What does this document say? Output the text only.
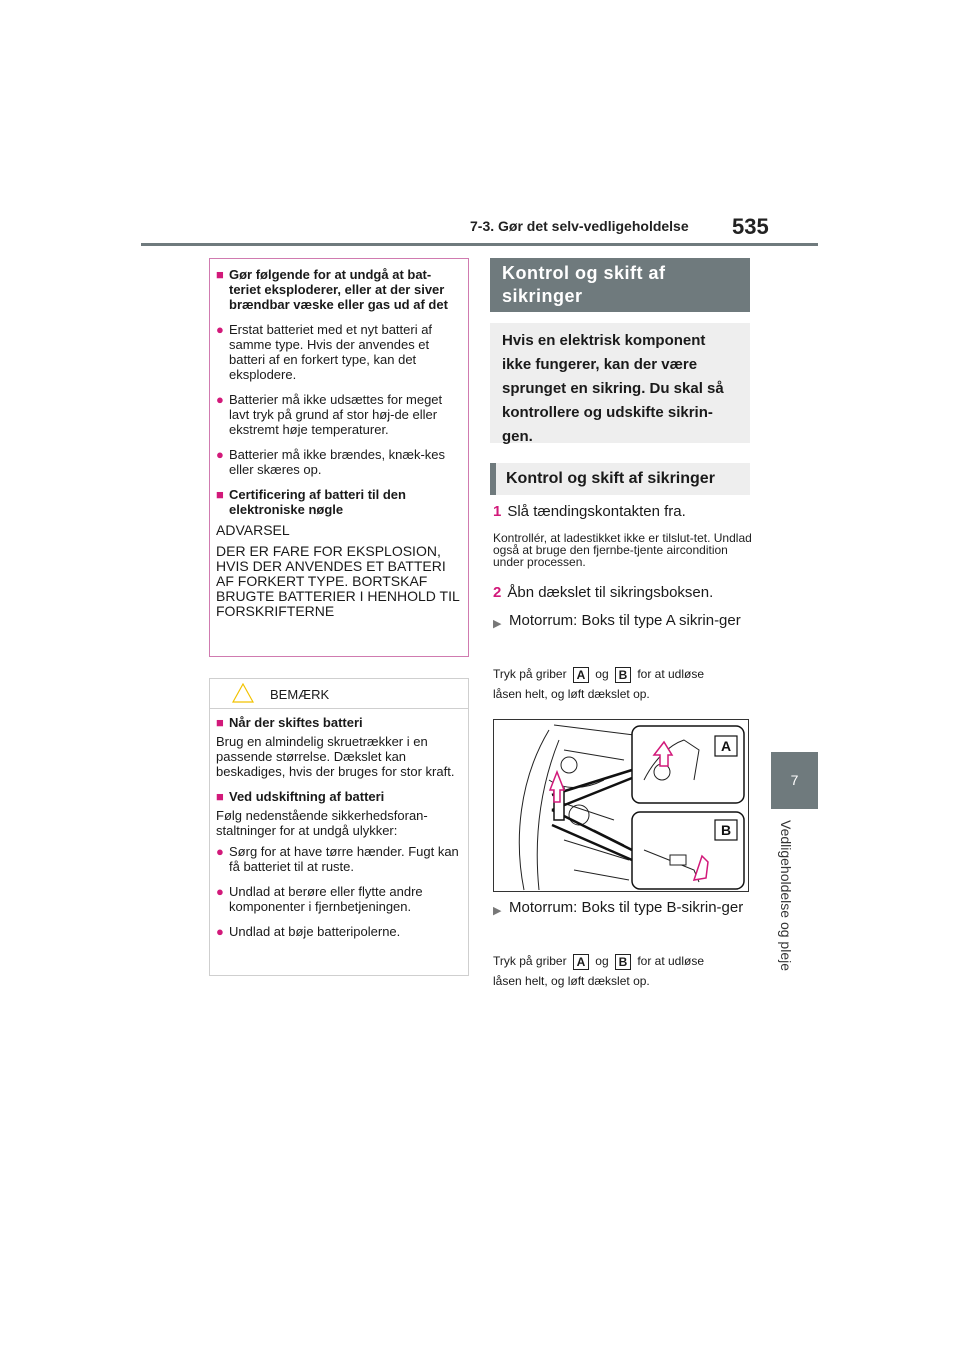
7-3. Gør det selv-vedligeholdelse 535
7
Vedligeholdelse og pleje
■ Gør følgende for at undgå at bat-teriet eksploderer, eller at der siver brændbar væske eller gas ud af det
● Erstat batteriet med et nyt batteri af samme type. Hvis der anvendes et batteri af en forkert type, kan det eksplodere.
● Batterier må ikke udsættes for meget lavt tryk på grund af stor høj-de eller ekstremt høje temperaturer.
● Batterier må ikke brændes, knæk-kes eller skæres op.
■ Certificering af batteri til den elektroniske nøgle

ADVARSEL

DER ER FARE FOR EKSPLOSION, HVIS DER ANVENDES ET BATTERI AF FORKERT TYPE. BORTSKAF BRUGTE BATTERIER I HENHOLD TIL FORSKRIFTERNE

BEMÆRK
■ Når der skiftes batteri

Brug en almindelig skruetrækker i en passende størrelse. Dækslet kan beskadiges, hvis der bruges for stor kraft.

■ Ved udskiftning af batteri

Følg nedenstående sikkerhedsforan-staltninger for at undgå ulykker:

● Sørg for at have tørre hænder. Fugt kan få batteriet til at ruste.
● Undlad at berøre eller flytte andre komponenter i fjernbetjeningen.
● Undlad at bøje batteripolerne.
Kontrol og skift af sikringer
Hvis en elektrisk komponent ikke fungerer, kan der være sprunget en sikring. Du skal så kontrollere og udskifte sikrin-gen.
Kontrol og skift af sikringer
1 Slå tændingskontakten fra.
Kontrollér, at ladestikket ikke er tilslut-tet. Undlad også at bruge den fjernbe-tjente aircondition under processen.
2 Åbn dækslet til sikringsboksen.
▶ Motorrum: Boks til type A sikrin-ger
Tryk på griber A og B for at udløse
låsen helt, og løft dækslet op.
A
B
▶ Motorrum: Boks til type B-sikrin-ger
Tryk på griber A og B for at udløse
låsen helt, og løft dækslet op.
